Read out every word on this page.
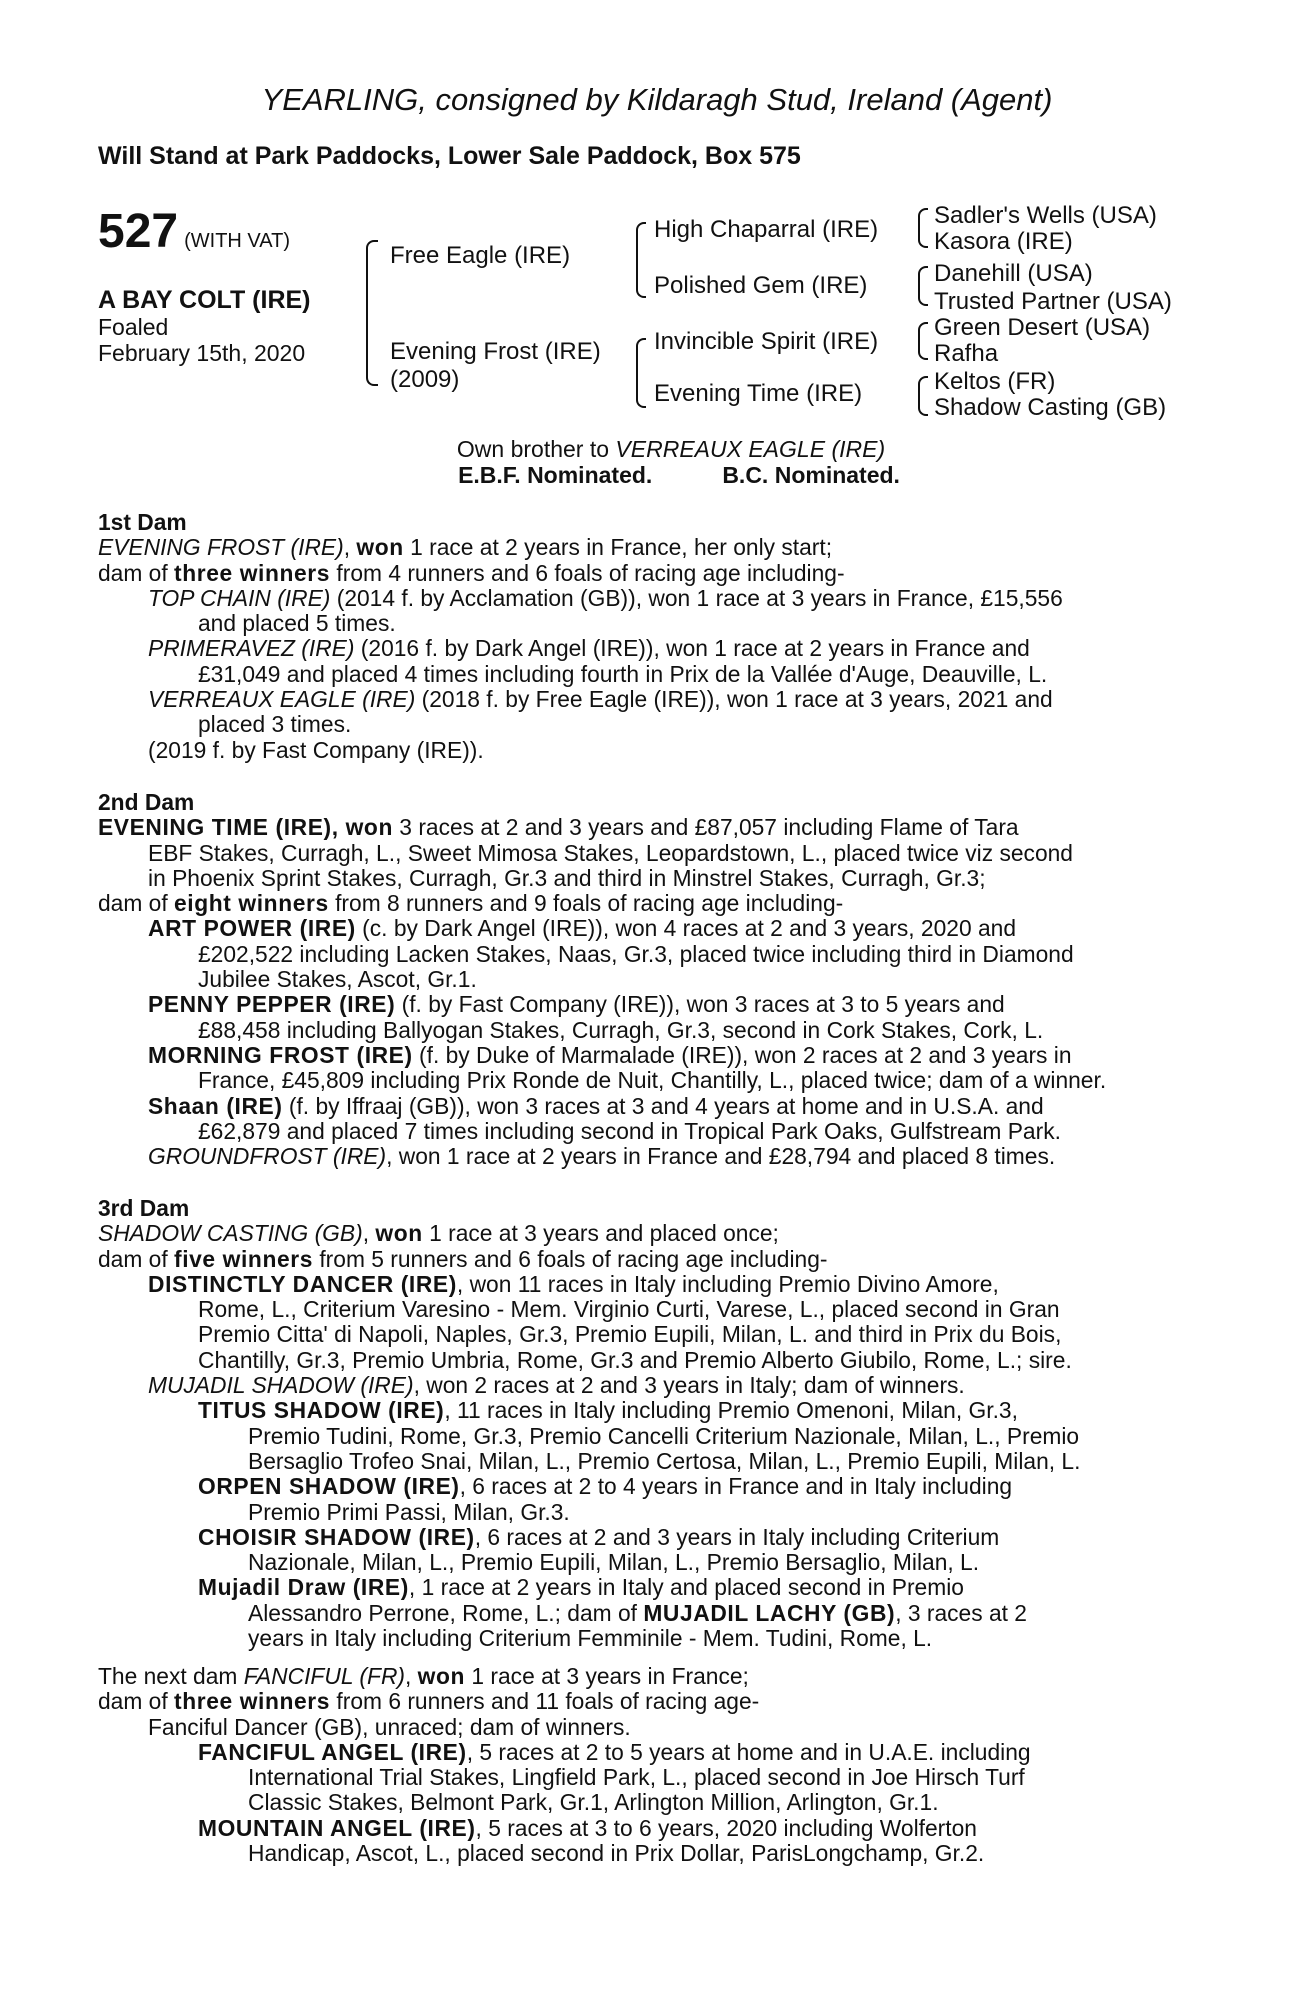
YEARLING, consigned by Kildaragh Stud, Ireland (Agent)
Will Stand at Park Paddocks, Lower Sale Paddock, Box 575
527 (WITH VAT)
A BAY COLT (IRE)
Foaled
February 15th, 2020
Free Eagle (IRE)
Evening Frost (IRE)
(2009)
High Chaparral (IRE)
Polished Gem (IRE)
Invincible Spirit (IRE)
Evening Time (IRE)
Sadler's Wells (USA)
Kasora (IRE)
Danehill (USA)
Trusted Partner (USA)
Green Desert (USA)
Rafha
Keltos (FR)
Shadow Casting (GB)
Own brother to VERREAUX EAGLE (IRE)
E.B.F. Nominated.	B.C. Nominated.
1st Dam
EVENING FROST (IRE), won 1 race at 2 years in France, her only start;
dam of three winners from 4 runners and 6 foals of racing age including-
TOP CHAIN (IRE) (2014 f. by Acclamation (GB)), won 1 race at 3 years in France, £15,556
and placed 5 times.
PRIMERAVEZ (IRE) (2016 f. by Dark Angel (IRE)), won 1 race at 2 years in France and
£31,049 and placed 4 times including fourth in Prix de la Vallée d'Auge, Deauville, L.
VERREAUX EAGLE (IRE) (2018 f. by Free Eagle (IRE)), won 1 race at 3 years, 2021 and
placed 3 times.
(2019 f. by Fast Company (IRE)).
2nd Dam
EVENING TIME (IRE), won 3 races at 2 and 3 years and £87,057 including Flame of Tara
EBF Stakes, Curragh, L., Sweet Mimosa Stakes, Leopardstown, L., placed twice viz second
in Phoenix Sprint Stakes, Curragh, Gr.3 and third in Minstrel Stakes, Curragh, Gr.3;
dam of eight winners from 8 runners and 9 foals of racing age including-
ART POWER (IRE) (c. by Dark Angel (IRE)), won 4 races at 2 and 3 years, 2020 and
£202,522 including Lacken Stakes, Naas, Gr.3, placed twice including third in Diamond
Jubilee Stakes, Ascot, Gr.1.
PENNY PEPPER (IRE) (f. by Fast Company (IRE)), won 3 races at 3 to 5 years and
£88,458 including Ballyogan Stakes, Curragh, Gr.3, second in Cork Stakes, Cork, L.
MORNING FROST (IRE) (f. by Duke of Marmalade (IRE)), won 2 races at 2 and 3 years in
France, £45,809 including Prix Ronde de Nuit, Chantilly, L., placed twice; dam of a winner.
Shaan (IRE) (f. by Iffraaj (GB)), won 3 races at 3 and 4 years at home and in U.S.A. and
£62,879 and placed 7 times including second in Tropical Park Oaks, Gulfstream Park.
GROUNDFROST (IRE), won 1 race at 2 years in France and £28,794 and placed 8 times.
3rd Dam
SHADOW CASTING (GB), won 1 race at 3 years and placed once;
dam of five winners from 5 runners and 6 foals of racing age including-
DISTINCTLY DANCER (IRE), won 11 races in Italy including Premio Divino Amore,
Rome, L., Criterium Varesino - Mem. Virginio Curti, Varese, L., placed second in Gran
Premio Citta' di Napoli, Naples, Gr.3, Premio Eupili, Milan, L. and third in Prix du Bois,
Chantilly, Gr.3, Premio Umbria, Rome, Gr.3 and Premio Alberto Giubilo, Rome, L.; sire.
MUJADIL SHADOW (IRE), won 2 races at 2 and 3 years in Italy; dam of winners.
TITUS SHADOW (IRE), 11 races in Italy including Premio Omenoni, Milan, Gr.3,
Premio Tudini, Rome, Gr.3, Premio Cancelli Criterium Nazionale, Milan, L., Premio
Bersaglio Trofeo Snai, Milan, L., Premio Certosa, Milan, L., Premio Eupili, Milan, L.
ORPEN SHADOW (IRE), 6 races at 2 to 4 years in France and in Italy including
Premio Primi Passi, Milan, Gr.3.
CHOISIR SHADOW (IRE), 6 races at 2 and 3 years in Italy including Criterium
Nazionale, Milan, L., Premio Eupili, Milan, L., Premio Bersaglio, Milan, L.
Mujadil Draw (IRE), 1 race at 2 years in Italy and placed second in Premio
Alessandro Perrone, Rome, L.; dam of MUJADIL LACHY (GB), 3 races at 2
years in Italy including Criterium Femminile - Mem. Tudini, Rome, L.
The next dam FANCIFUL (FR), won 1 race at 3 years in France;
dam of three winners from 6 runners and 11 foals of racing age-
Fanciful Dancer (GB), unraced; dam of winners.
FANCIFUL ANGEL (IRE), 5 races at 2 to 5 years at home and in U.A.E. including
International Trial Stakes, Lingfield Park, L., placed second in Joe Hirsch Turf
Classic Stakes, Belmont Park, Gr.1, Arlington Million, Arlington, Gr.1.
MOUNTAIN ANGEL (IRE), 5 races at 3 to 6 years, 2020 including Wolferton
Handicap, Ascot, L., placed second in Prix Dollar, ParisLongchamp, Gr.2.
